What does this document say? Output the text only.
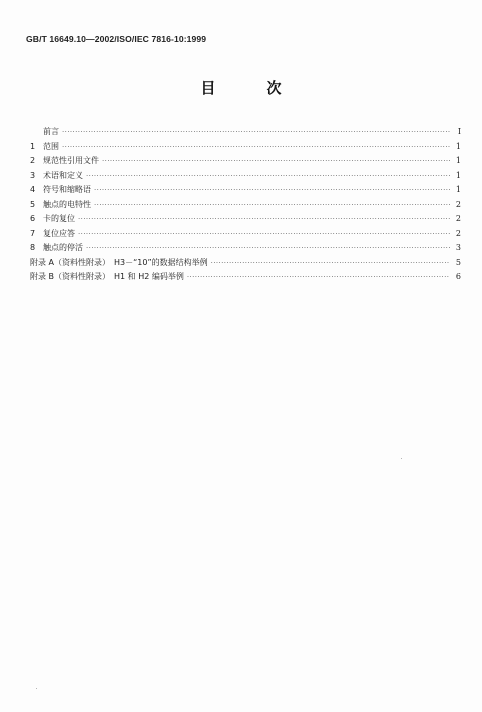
GB/T 16649.10—2002/ISO/IEC 7816-10:1999
目　次
前言 ·····	I
1 范围 ·····	1
2 规范性引用文件 ·····	1
3 术语和定义 ·····	1
4 符号和缩略语 ·····	1
5 触点的电特性 ·····	2
6 卡的复位 ·····	2
7 复位应答 ·····	2
8 触点的停活 ·····	3
附录 A（资料性附录）　H3－“10”的数据结构举例 ·····	5
附录 B（资料性附录）　H1 和 H2 编码举例 ·····	6
